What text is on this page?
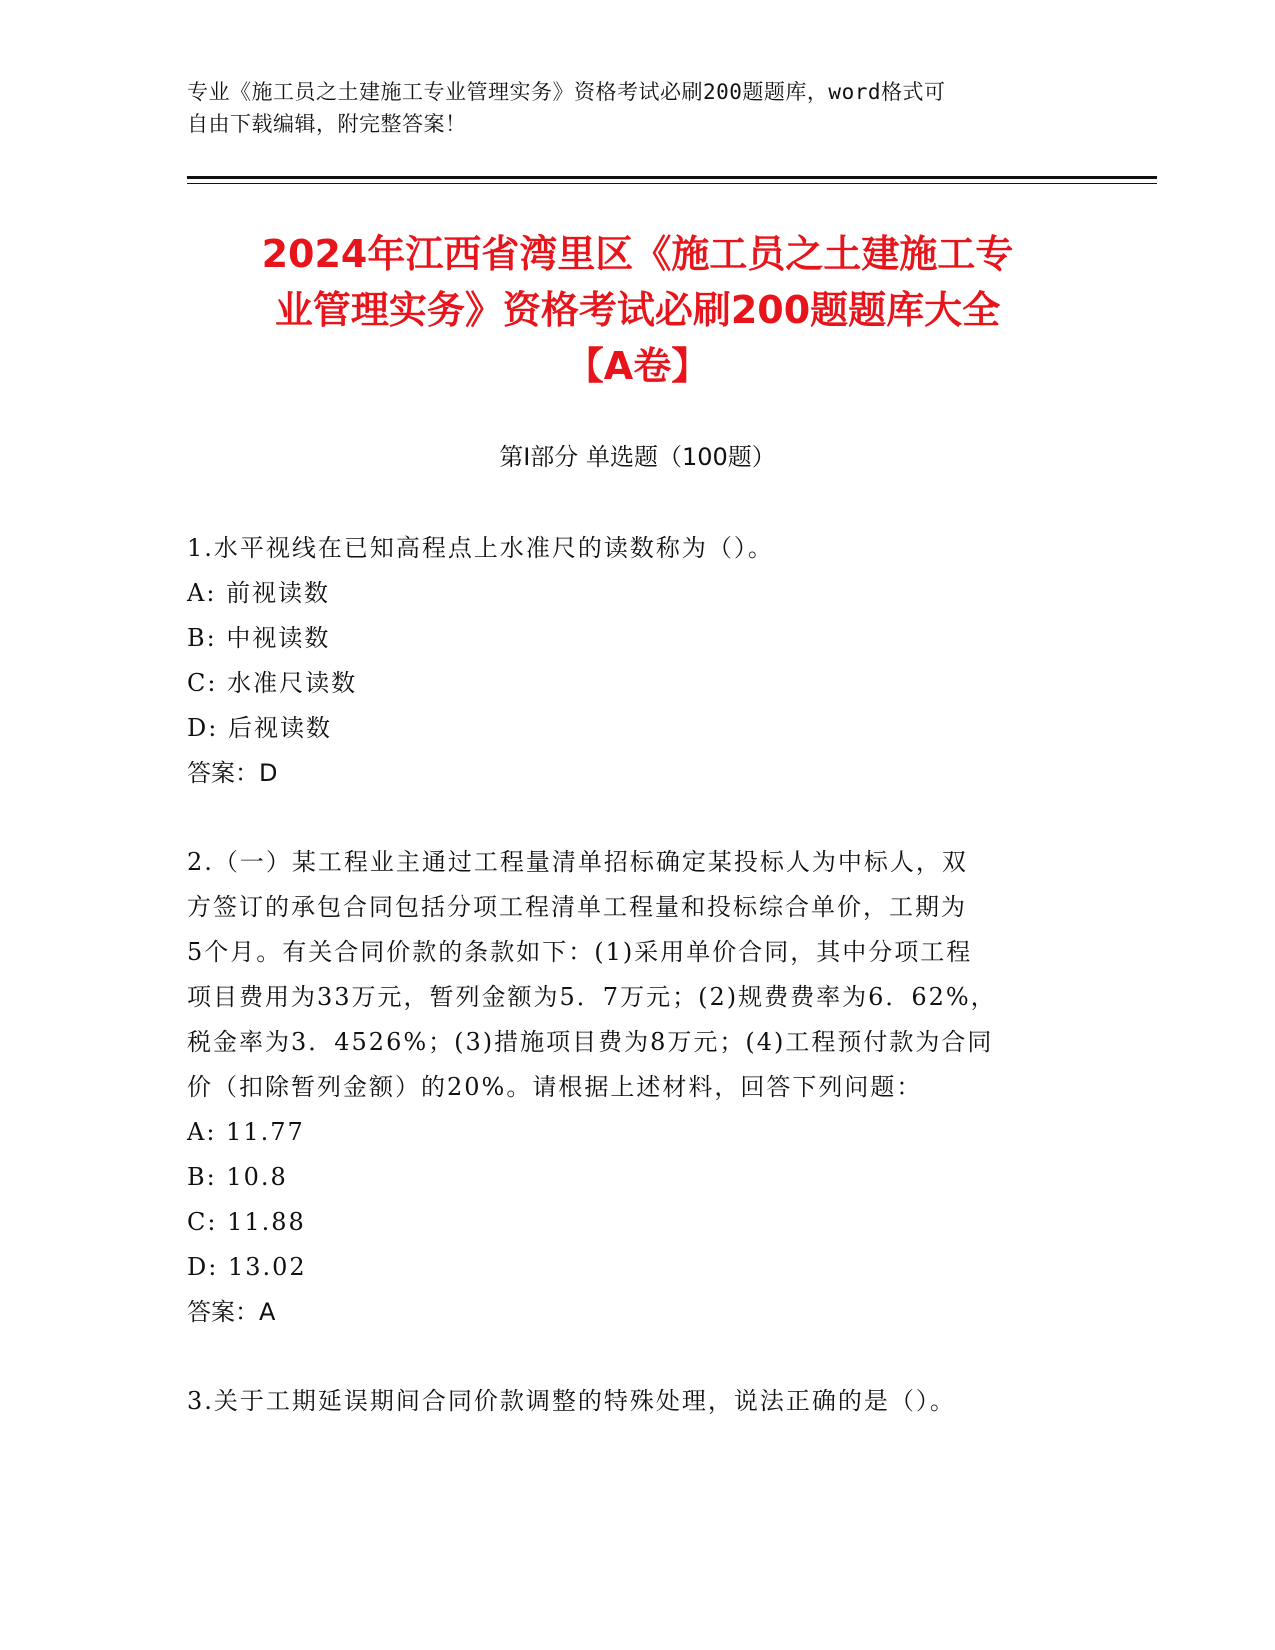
专业《施工员之土建施工专业管理实务》资格考试必刷200题题库，word格式可
自由下载编辑，附完整答案！
2024年江西省湾里区《施工员之土建施工专
业管理实务》资格考试必刷200题题库大全
【A卷】
第Ⅰ部分 单选题（100题）

1.水平视线在已知高程点上水准尺的读数称为（）。

A: 前视读数

B: 中视读数

C: 水准尺读数

D: 后视读数

答案：D

2.（一）某工程业主通过工程量清单招标确定某投标人为中标人，双

方签订的承包合同包括分项工程清单工程量和投标综合单价，工期为

5个月。有关合同价款的条款如下：(1)采用单价合同，其中分项工程

项目费用为33万元，暂列金额为5．7万元；(2)规费费率为6．62%，

税金率为3．4526%；(3)措施项目费为8万元；(4)工程预付款为合同

价（扣除暂列金额）的20%。请根据上述材料，回答下列问题：

A: 11.77

B: 10.8

C: 11.88

D: 13.02

答案：A

3.关于工期延误期间合同价款调整的特殊处理，说法正确的是（）。
